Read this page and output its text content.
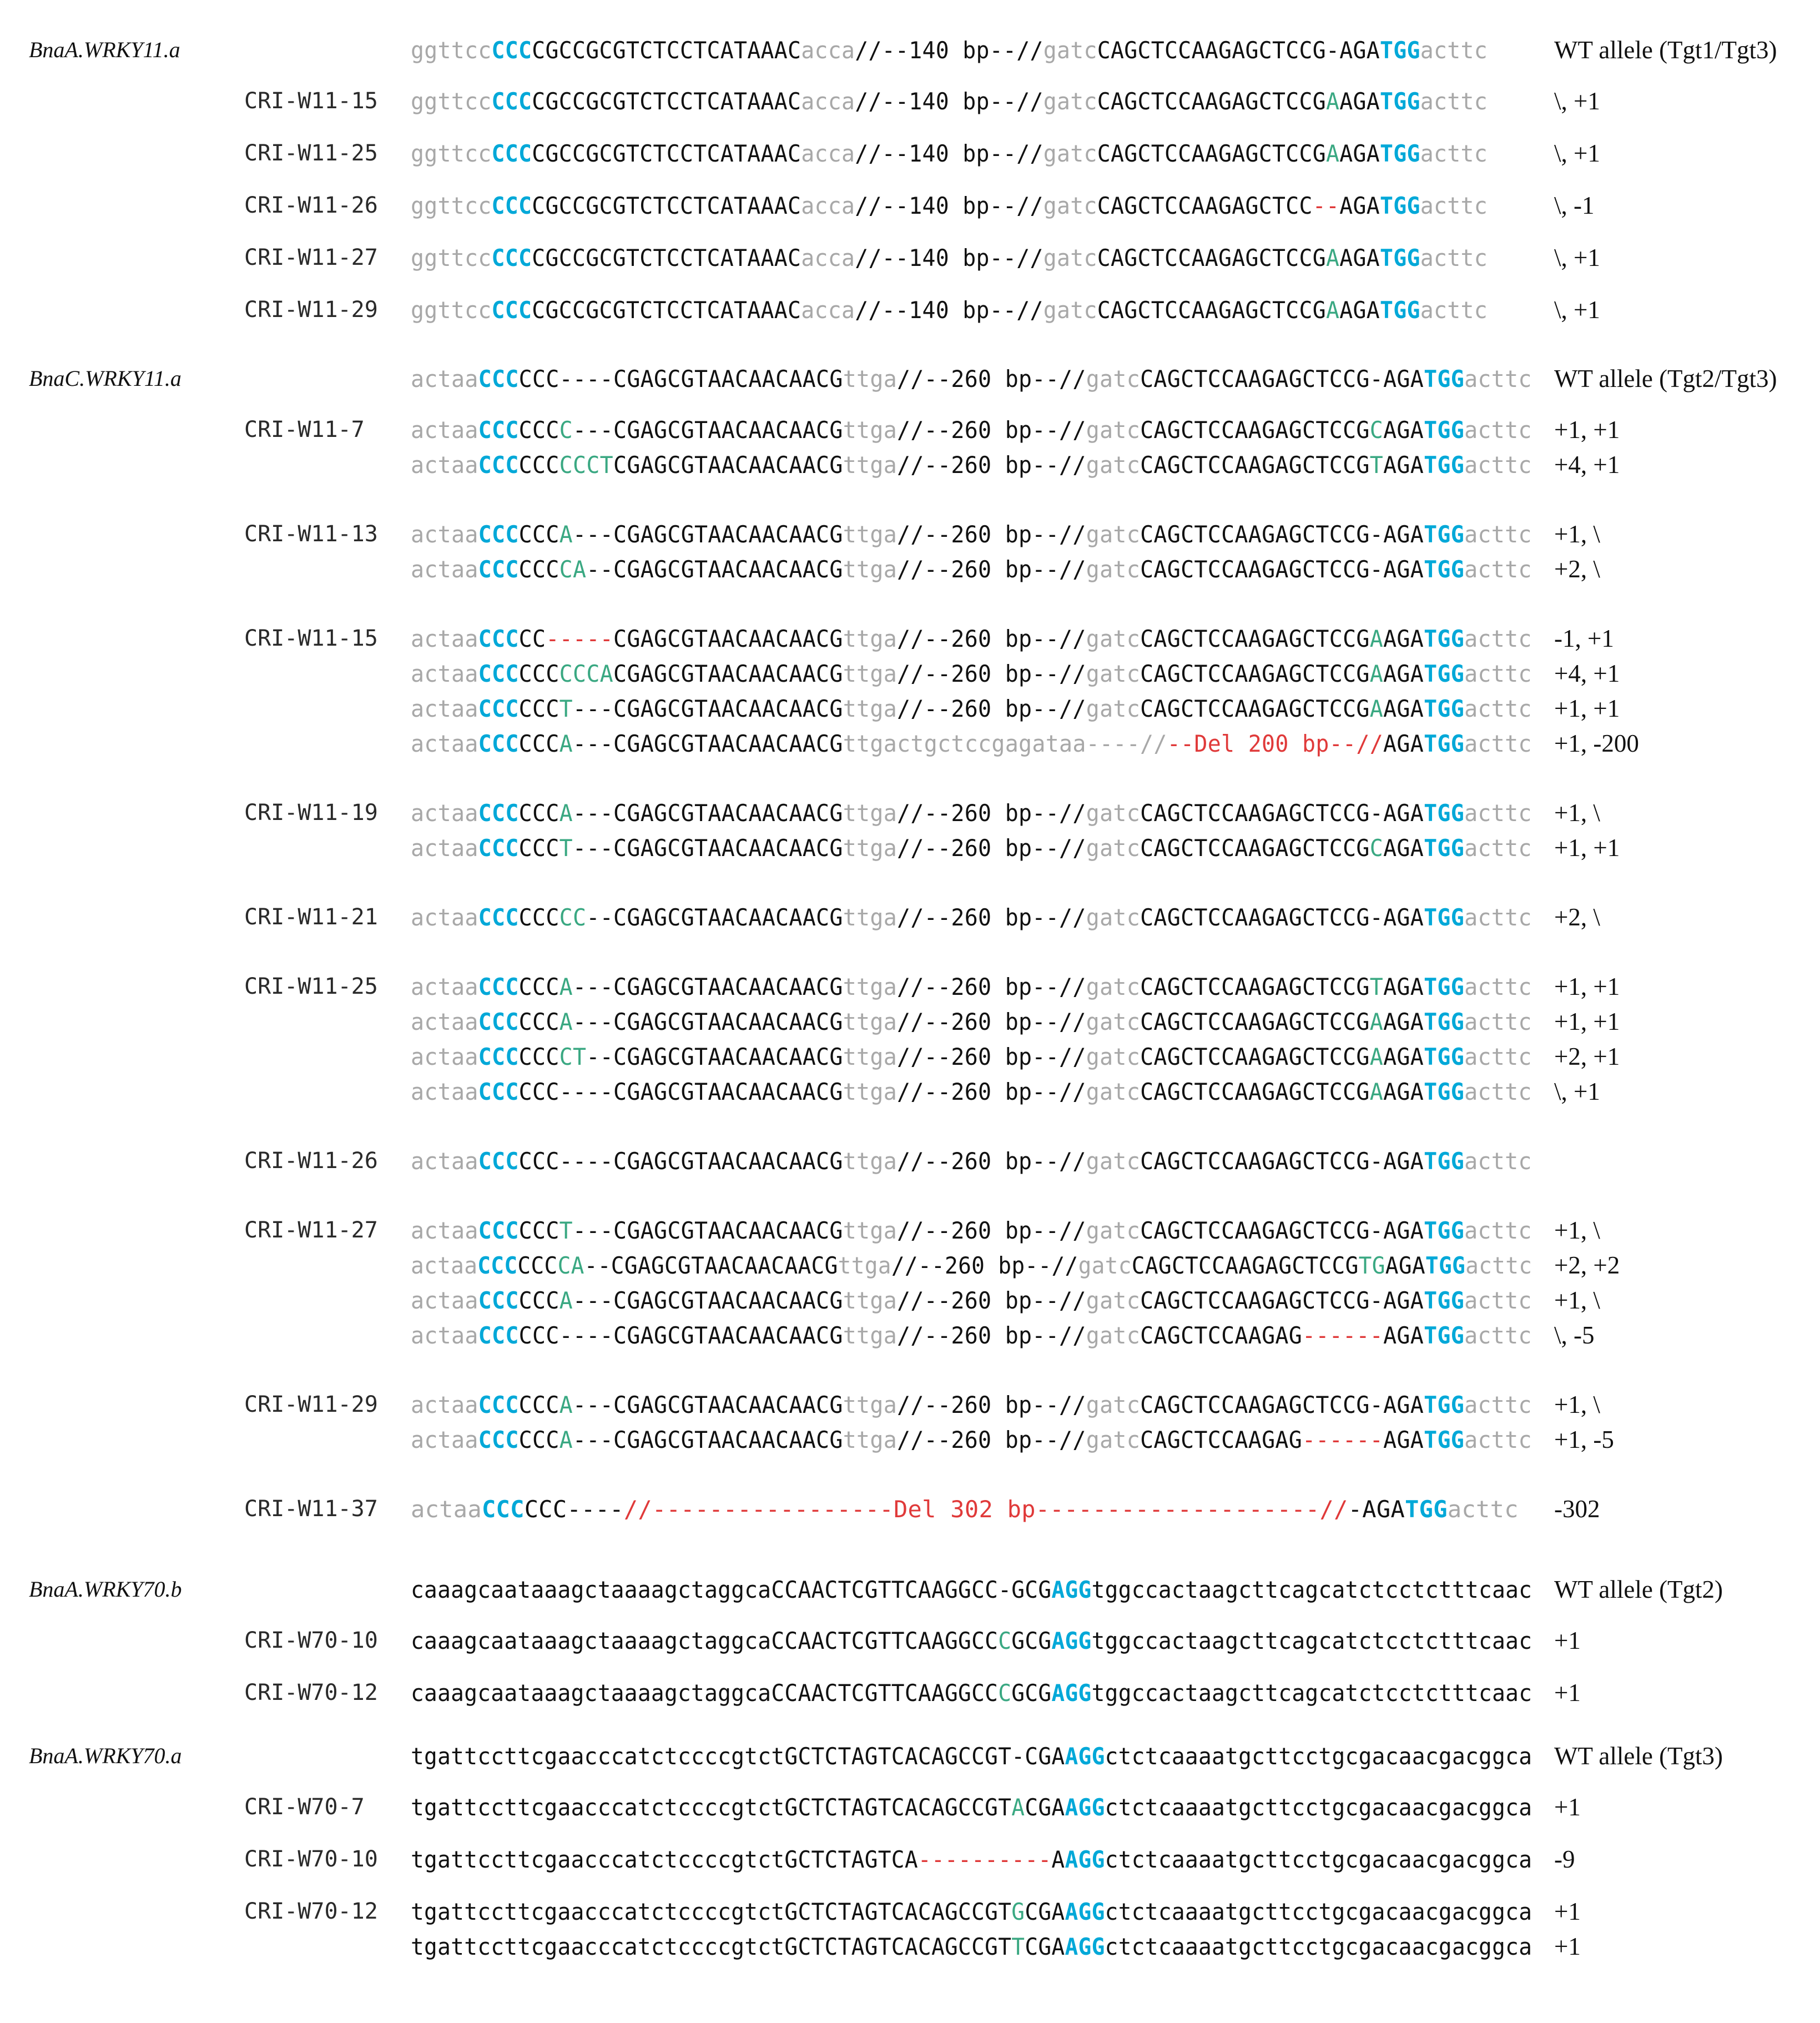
BnaA.WRKY11.a	ggttccCCCCGCCGCGTCTCCTCATAAACacca//--140 bp--//gatcCAGCTCCAAGAGCTCCG-AGATGGacttc	WT allele (Tgt1/Tgt3)
CRI-W11-15 ggttccCCCCGCCGCGTCTCCTCATAAACacca//--140 bp--//gatcCAGCTCCAAGAGCTCCGAAGATGGacttc	\, +1
CRI-W11-25 ggttccCCCCGCCGCGTCTCCTCATAAACacca//--140 bp--//gatcCAGCTCCAAGAGCTCCGAAGATGGacttc	\, +1
CRI-W11-26 ggttccCCCCGCCGCGTCTCCTCATAAACacca//--140 bp--//gatcCAGCTCCAAGAGCTCC--AGATGGacttc	\, -1
CRI-W11-27 ggttccCCCCGCCGCGTCTCCTCATAAACacca//--140 bp--//gatcCAGCTCCAAGAGCTCCGAAGATGGacttc	\, +1
CRI-W11-29 ggttccCCCCGCCGCGTCTCCTCATAAACacca//--140 bp--//gatcCAGCTCCAAGAGCTCCGAAGATGGacttc	\, +1
BnaC.WRKY11.a	actaaCCCCCC----CGAGCGTAACAACAACGttga//--260 bp--//gatcCAGCTCCAAGAGCTCCG-AGATGGacttc WT allele (Tgt2/Tgt3)
CRI-W11-7 actaaCCCCCCC---CGAGCGTAACAACAACGttga//--260 bp--//gatcCAGCTCCAAGAGCTCCGCAGATGGacttc +1, +1
actaaCCCCCCCCCTCGAGCGTAACAACAACGttga//--260 bp--//gatcCAGCTCCAAGAGCTCCGTAGATGGacttc +4, +1
CRI-W11-13 actaaCCCCCCA---CGAGCGTAACAACAACGttga//--260 bp--//gatcCAGCTCCAAGAGCTCCG-AGATGGacttc +1, \
actaaCCCCCCCA--CGAGCGTAACAACAACGttga//--260 bp--//gatcCAGCTCCAAGAGCTCCG-AGATGGacttc +2, \
CRI-W11-15 actaaCCCCC-----CGAGCGTAACAACAACGttga//--260 bp--//gatcCAGCTCCAAGAGCTCCGAAGATGGacttc -1, +1
actaaCCCCCCCCCACGAGCGTAACAACAACGttga//--260 bp--//gatcCAGCTCCAAGAGCTCCGAAGATGGacttc +4, +1
actaaCCCCCCT---CGAGCGTAACAACAACGttga//--260 bp--//gatcCAGCTCCAAGAGCTCCGAAGATGGacttc +1, +1
actaaCCCCCCA---CGAGCGTAACAACAACGttgactgctccgagataa----//--Del 200 bp--//AGATGGacttc +1, -200
CRI-W11-19 actaaCCCCCCA---CGAGCGTAACAACAACGttga//--260 bp--//gatcCAGCTCCAAGAGCTCCG-AGATGGacttc +1, \
actaaCCCCCCT---CGAGCGTAACAACAACGttga//--260 bp--//gatcCAGCTCCAAGAGCTCCGCAGATGGacttc +1, +1
CRI-W11-21 actaaCCCCCCCC--CGAGCGTAACAACAACGttga//--260 bp--//gatcCAGCTCCAAGAGCTCCG-AGATGGacttc +2, \
CRI-W11-25 actaaCCCCCCA---CGAGCGTAACAACAACGttga//--260 bp--//gatcCAGCTCCAAGAGCTCCGTAGATGGacttc +1, +1
actaaCCCCCCA---CGAGCGTAACAACAACGttga//--260 bp--//gatcCAGCTCCAAGAGCTCCGAAGATGGacttc +1, +1
actaaCCCCCCCT--CGAGCGTAACAACAACGttga//--260 bp--//gatcCAGCTCCAAGAGCTCCGAAGATGGacttc +2, +1
actaaCCCCCC----CGAGCGTAACAACAACGttga//--260 bp--//gatcCAGCTCCAAGAGCTCCGAAGATGGacttc \, +1
CRI-W11-26 actaaCCCCCC----CGAGCGTAACAACAACGttga//--260 bp--//gatcCAGCTCCAAGAGCTCCG-AGATGGacttc
CRI-W11-27 actaaCCCCCCT---CGAGCGTAACAACAACGttga//--260 bp--//gatcCAGCTCCAAGAGCTCCG-AGATGGacttc +1, \
actaaCCCCCCCA--CGAGCGTAACAACAACGttga//--260 bp--//gatcCAGCTCCAAGAGCTCCGTGAGATGGacttc +2, +2
actaaCCCCCCA---CGAGCGTAACAACAACGttga//--260 bp--//gatcCAGCTCCAAGAGCTCCG-AGATGGacttc +1, \
actaaCCCCCC----CGAGCGTAACAACAACGttga//--260 bp--//gatcCAGCTCCAAGAG------AGATGGacttc \, -5
CRI-W11-29 actaaCCCCCCA---CGAGCGTAACAACAACGttga//--260 bp--//gatcCAGCTCCAAGAGCTCCG-AGATGGacttc +1, \
actaaCCCCCCA---CGAGCGTAACAACAACGttga//--260 bp--//gatcCAGCTCCAAGAG------AGATGGacttc +1, -5
CRI-W11-37 actaaCCCCCC----//-----------------Del 302 bp--------------------//-AGATGGacttc	-302
BnaA.WRKY70.b	caaagcaataaagctaaaagctaggcaCCAACTCGTTCAAGGCC-GCGAGGtggccactaagcttcagcatctcctctttcaac WT allele (Tgt2)
CRI-W70-10 caaagcaataaagctaaaagctaggcaCCAACTCGTTCAAGGCCCGCGAGGtggccactaagcttcagcatctcctctttcaac +1
CRI-W70-12 caaagcaataaagctaaaagctaggcaCCAACTCGTTCAAGGCCCGCGAGGtggccactaagcttcagcatctcctctttcaac +1
BnaA.WRKY70.a	tgattccttcgaacccatctccccgtctGCTCTAGTCACAGCCGT-CGAAGGctctcaaaatgcttcctgcgacaacgacggca WT allele (Tgt3)
CRI-W70-7 tgattccttcgaacccatctccccgtctGCTCTAGTCACAGCCGTACGAAGGctctcaaaatgcttcctgcgacaacgacggca +1
CRI-W70-10 tgattccttcgaacccatctccccgtctGCTCTAGTCA----------AAGGctctcaaaatgcttcctgcgacaacgacggca -9
CRI-W70-12 tgattccttcgaacccatctccccgtctGCTCTAGTCACAGCCGTGCGAAGGctctcaaaatgcttcctgcgacaacgacggca +1
tgattccttcgaacccatctccccgtctGCTCTAGTCACAGCCGTTCGAAGGctctcaaaatgcttcctgcgacaacgacggca +1
